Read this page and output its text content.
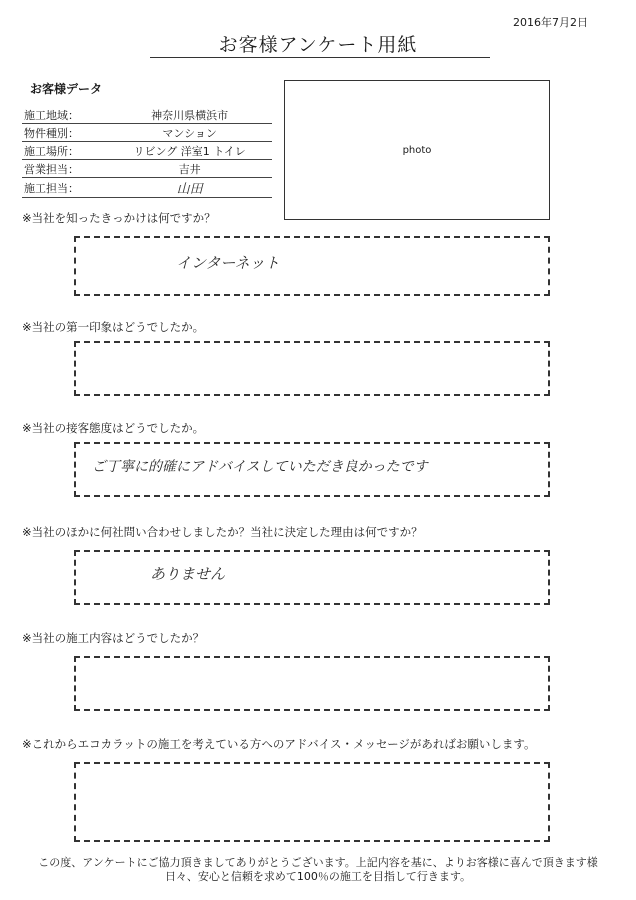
2016年7月2日
お客様アンケート用紙
お客様データ
施工地域：	神奈川県横浜市
物件種別：	マンション
施工場所：	リビング 洋室1 トイレ
営業担当：	吉井
施工担当：	山田
photo
※当社を知ったきっかけは何ですか？
インターネット
※当社の第一印象はどうでしたか。
※当社の接客態度はどうでしたか。
ご丁寧に的確にアドバイスしていただき良かったです
※当社のほかに何社問い合わせしましたか？当社に決定した理由は何ですか？
ありません
※当社の施工内容はどうでしたか？
※これからエコカラットの施工を考えている方へのアドバイス・メッセージがあればお願いします。
この度、アンケートにご協力頂きましてありがとうございます。上記内容を基に、よりお客様に喜んで頂きます様
日々、安心と信頼を求めて100％の施工を目指して行きます。
